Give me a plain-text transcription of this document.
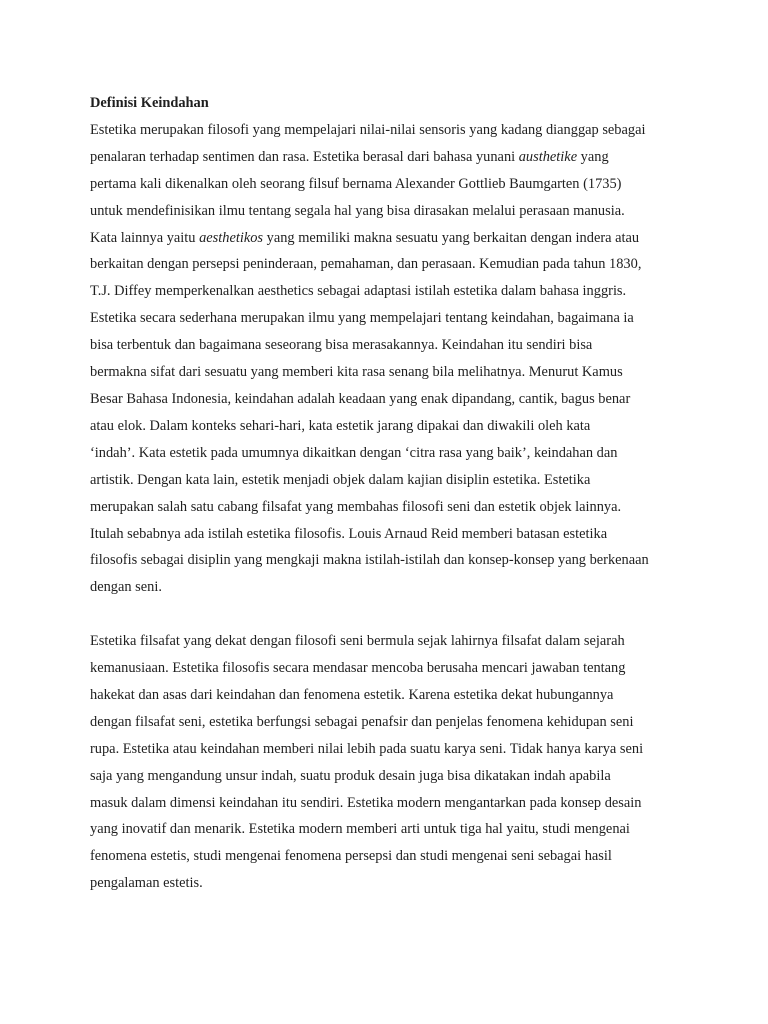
Definisi Keindahan

Estetika merupakan filosofi yang mempelajari nilai-nilai sensoris yang kadang dianggap sebagai
penalaran terhadap sentimen dan rasa. Estetika berasal dari bahasa yunani austhetike yang
pertama kali dikenalkan oleh seorang filsuf bernama Alexander Gottlieb Baumgarten (1735)
untuk mendefinisikan ilmu tentang segala hal yang bisa dirasakan melalui perasaan manusia.
Kata lainnya yaitu aesthetikos yang memiliki makna sesuatu yang berkaitan dengan indera atau
berkaitan dengan persepsi peninderaan, pemahaman, dan perasaan. Kemudian pada tahun 1830,
T.J. Diffey memperkenalkan aesthetics sebagai adaptasi istilah estetika dalam bahasa inggris.
Estetika secara sederhana merupakan ilmu yang mempelajari tentang keindahan, bagaimana ia
bisa terbentuk dan bagaimana seseorang bisa merasakannya. Keindahan itu sendiri bisa
bermakna sifat dari sesuatu yang memberi kita rasa senang bila melihatnya. Menurut Kamus
Besar Bahasa Indonesia, keindahan adalah keadaan yang enak dipandang, cantik, bagus benar
atau elok. Dalam konteks sehari-hari, kata estetik jarang dipakai dan diwakili oleh kata
‘indah’. Kata estetik pada umumnya dikaitkan dengan ‘citra rasa yang baik’, keindahan dan
artistik. Dengan kata lain, estetik menjadi objek dalam kajian disiplin estetika. Estetika
merupakan salah satu cabang filsafat yang membahas filosofi seni dan estetik objek lainnya.
Itulah sebabnya ada istilah estetika filosofis. Louis Arnaud Reid memberi batasan estetika
filosofis sebagai disiplin yang mengkaji makna istilah-istilah dan konsep-konsep yang berkenaan
dengan seni.

Estetika filsafat yang dekat dengan filosofi seni bermula sejak lahirnya filsafat dalam sejarah
kemanusiaan. Estetika filosofis secara mendasar mencoba berusaha mencari jawaban tentang
hakekat dan asas dari keindahan dan fenomena estetik. Karena estetika dekat hubungannya
dengan filsafat seni, estetika berfungsi sebagai penafsir dan penjelas fenomena kehidupan seni
rupa. Estetika atau keindahan memberi nilai lebih pada suatu karya seni. Tidak hanya karya seni
saja yang mengandung unsur indah, suatu produk desain juga bisa dikatakan indah apabila
masuk dalam dimensi keindahan itu sendiri. Estetika modern mengantarkan pada konsep desain
yang inovatif dan menarik. Estetika modern memberi arti untuk tiga hal yaitu, studi mengenai
fenomena estetis, studi mengenai fenomena persepsi dan studi mengenai seni sebagai hasil
pengalaman estetis.
